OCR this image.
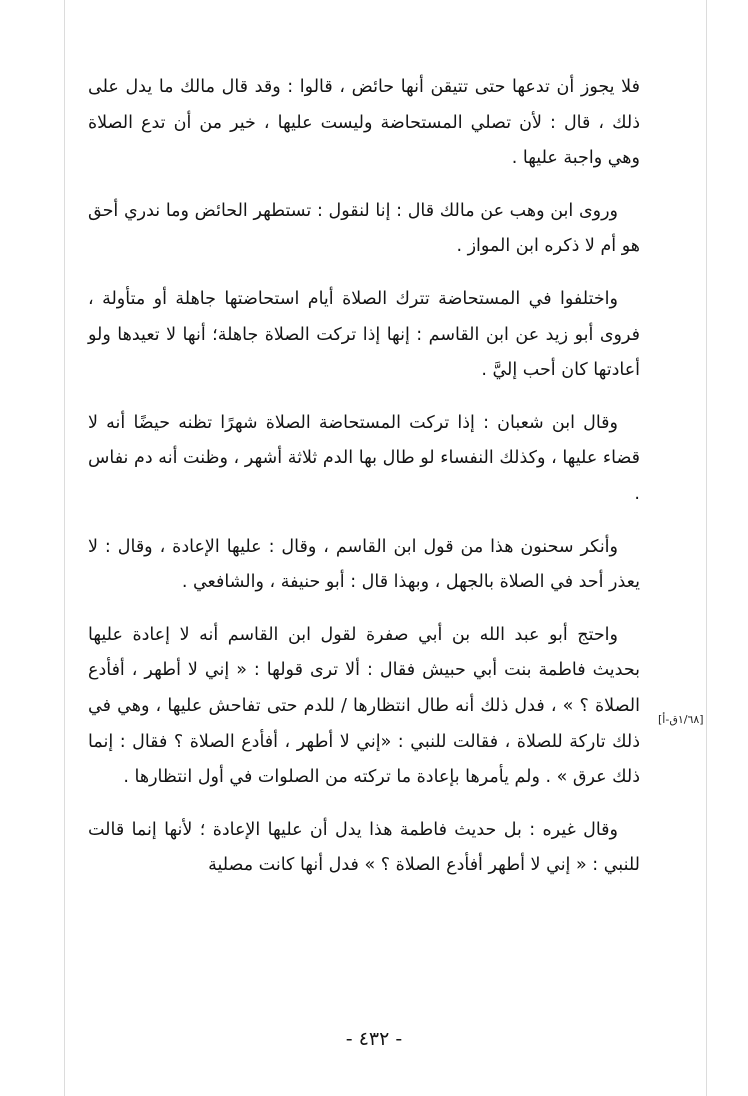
فلا يجوز أن تدعها حتى تتيقن أنها حائض ، قالوا : وقد قال مالك ما يدل على ذلك ، قال : لأن تصلي المستحاضة وليست عليها ، خير من أن تدع الصلاة وهي واجبة عليها .

وروى ابن وهب عن مالك قال : إنا لنقول : تستطهر الحائض وما ندري أحق هو أم لا ذكره ابن المواز .

واختلفوا في المستحاضة تترك الصلاة أيام استحاضتها جاهلة أو متأولة ، فروى أبو زيد عن ابن القاسم : إنها إذا تركت الصلاة جاهلة؛ أنها لا تعيدها ولو أعادتها كان أحب إليَّ .

وقال ابن شعبان : إذا تركت المستحاضة الصلاة شهرًا تظنه حيضًا أنه لا قضاء عليها ، وكذلك النفساء لو طال بها الدم ثلاثة أشهر ، وظنت أنه دم نفاس .

وأنكر سحنون هذا من قول ابن القاسم ، وقال : عليها الإعادة ، وقال : لا يعذر أحد في الصلاة بالجهل ، وبهذا قال : أبو حنيفة ، والشافعي .

واحتج أبو عبد الله بن أبي صفرة لقول ابن القاسم أنه لا إعادة عليها بحديث فاطمة بنت أبي حبيش فقال : ألا ترى قولها : « إني لا أطهر ، أفأدع الصلاة ؟ » ، فدل ذلك أنه طال انتظارها / للدم حتى تفاحش عليها ، وهي في ذلك تاركة للصلاة ، فقالت للنبي : «إني لا أطهر ، أفأدع الصلاة ؟ فقال : إنما ذلك عرق » . ولم يأمرها بإعادة ما تركته من الصلوات في أول انتظارها .

وقال غيره : بل حديث فاطمة هذا يدل أن عليها الإعادة ؛ لأنها إنما قالت للنبي : « إني لا أطهر أفأدع الصلاة ؟ » فدل أنها كانت مصلية

[١/٦٨ق-أ]
- ٤٣٢ -
